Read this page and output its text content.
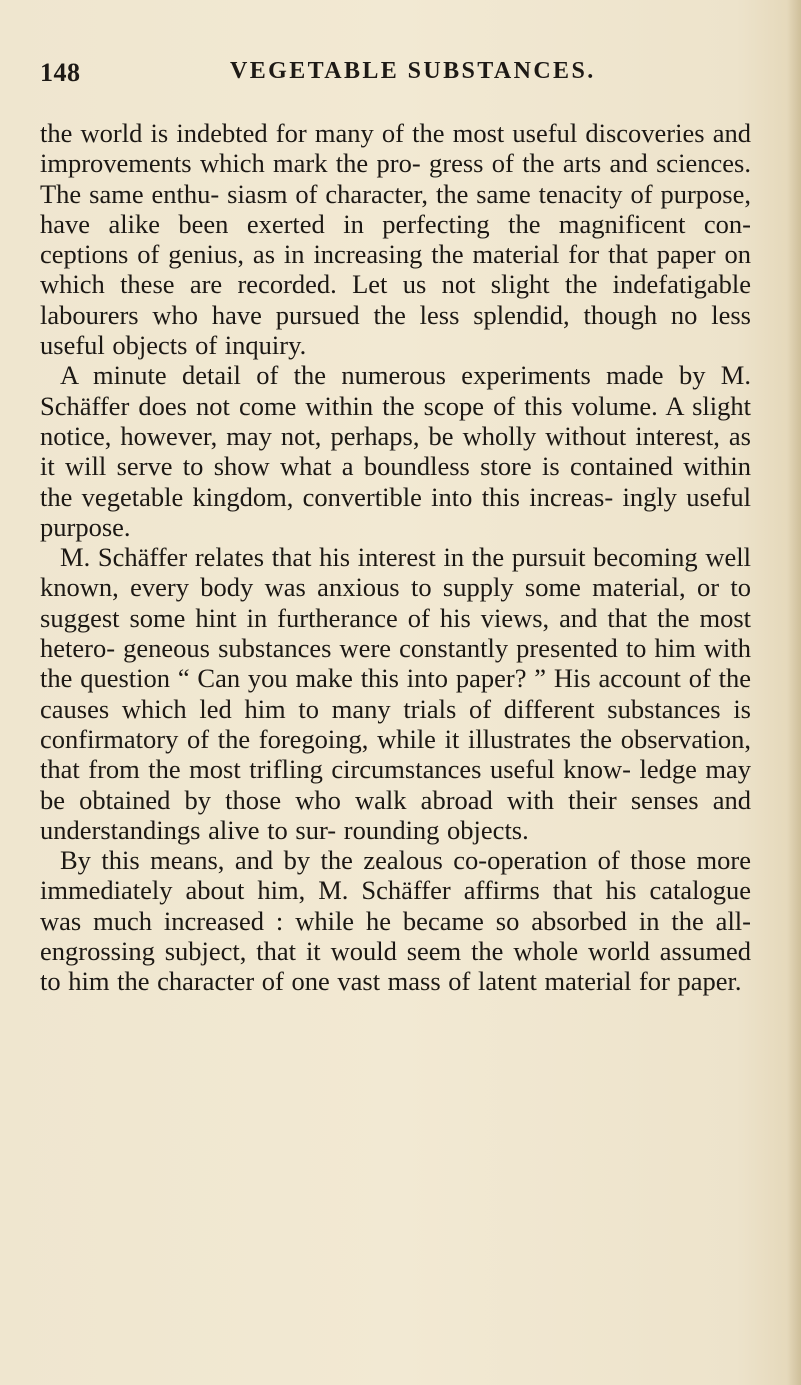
148	VEGETABLE SUBSTANCES.

the world is indebted for many of the most useful discoveries and improvements which mark the pro- gress of the arts and sciences. The same enthu- siasm of character, the same tenacity of purpose, have alike been exerted in perfecting the magnificent con- ceptions of genius, as in increasing the material for that paper on which these are recorded. Let us not slight the indefatigable labourers who have pursued the less splendid, though no less useful objects of inquiry.

A minute detail of the numerous experiments made by M. Schäffer does not come within the scope of this volume. A slight notice, however, may not, perhaps, be wholly without interest, as it will serve to show what a boundless store is contained within the vegetable kingdom, convertible into this increas- ingly useful purpose.

M. Schäffer relates that his interest in the pursuit becoming well known, every body was anxious to supply some material, or to suggest some hint in furtherance of his views, and that the most hetero- geneous substances were constantly presented to him with the question “ Can you make this into paper? ” His account of the causes which led him to many trials of different substances is confirmatory of the foregoing, while it illustrates the observation, that from the most trifling circumstances useful know- ledge may be obtained by those who walk abroad with their senses and understandings alive to sur- rounding objects.

By this means, and by the zealous co-operation of those more immediately about him, M. Schäffer affirms that his catalogue was much increased : while he became so absorbed in the all-engrossing subject, that it would seem the whole world assumed to him the character of one vast mass of latent material for paper.
